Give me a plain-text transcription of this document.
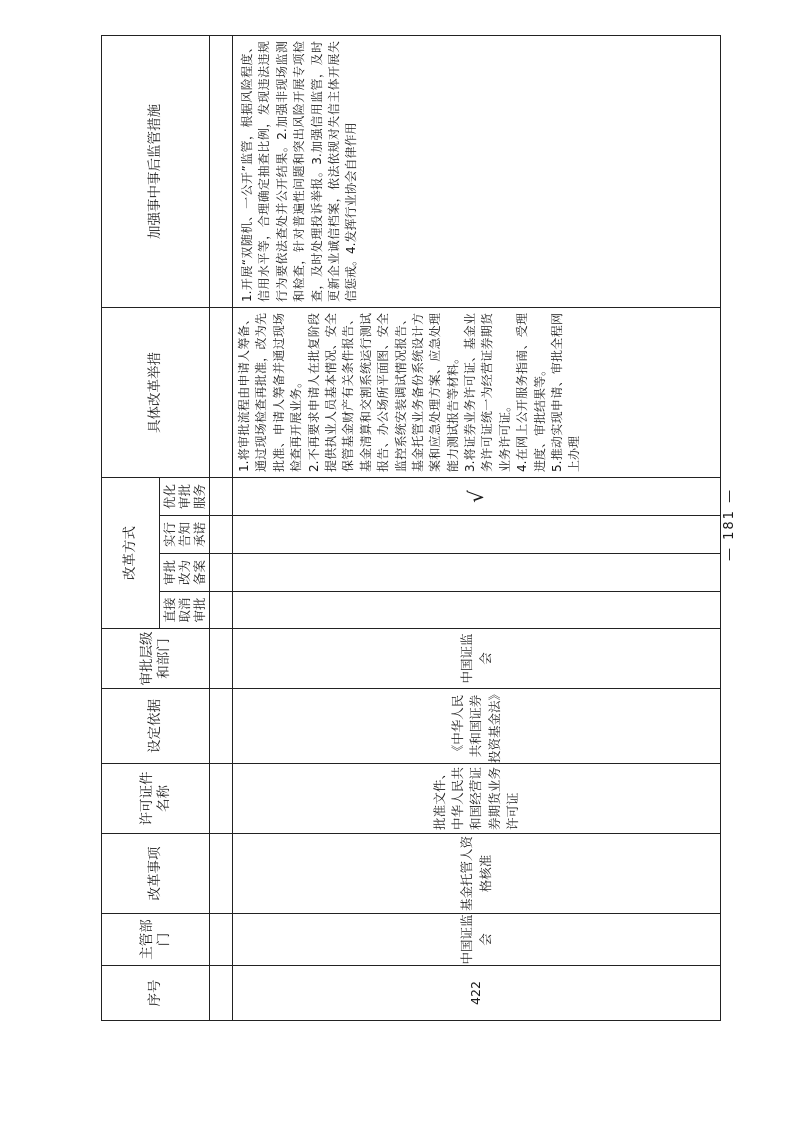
序号	主管部门	改革事项	许可证件名称	设定依据	审批层级和部门	改革方式				具体改革举措	加强事中事后监管措施
						直接取消审批	审批改为备案	实行告知承诺	优化审批服务		

422	中国证监会	基金托管人资格核准	批准文件、中华人民共和国经营证券期货业务许可证	《中华人民共和国证券投资基金法》	中国证监会				√	1.将审批流程由申请人筹备、通过现场检查再批准，改为先批准、申请人筹备并通过现场检查再开展业务。 2.不再要求申请人在批复阶段提供执业人员基本情况、安全保管基金财产有关条件报告、基金清算和交割系统运行测试报告、办公场所平面图、安全监控系统安装调试情况报告、基金托管业务备份系统设计方案和应急处理方案、应急处理能力测试报告等材料。 3.将证券业务许可证、基金业务许可证统一为经营证券期货业务许可证。 4.在网上公开服务指南、受理进度、审批结果等。 5.推动实现申请、审批全程网上办理	1.开展“双随机、一公开”监管，根据风险程度、信用水平等，合理确定抽查比例，发现违法违规行为要依法查处并公开结果。2.加强非现场监测和检查，针对普遍性问题和突出风险开展专项检查，及时处理投诉举报。3.加强信用监管，及时更新企业诚信档案，依法依规对失信主体开展失信惩戒。4.发挥行业协会自律作用
— 181 —
